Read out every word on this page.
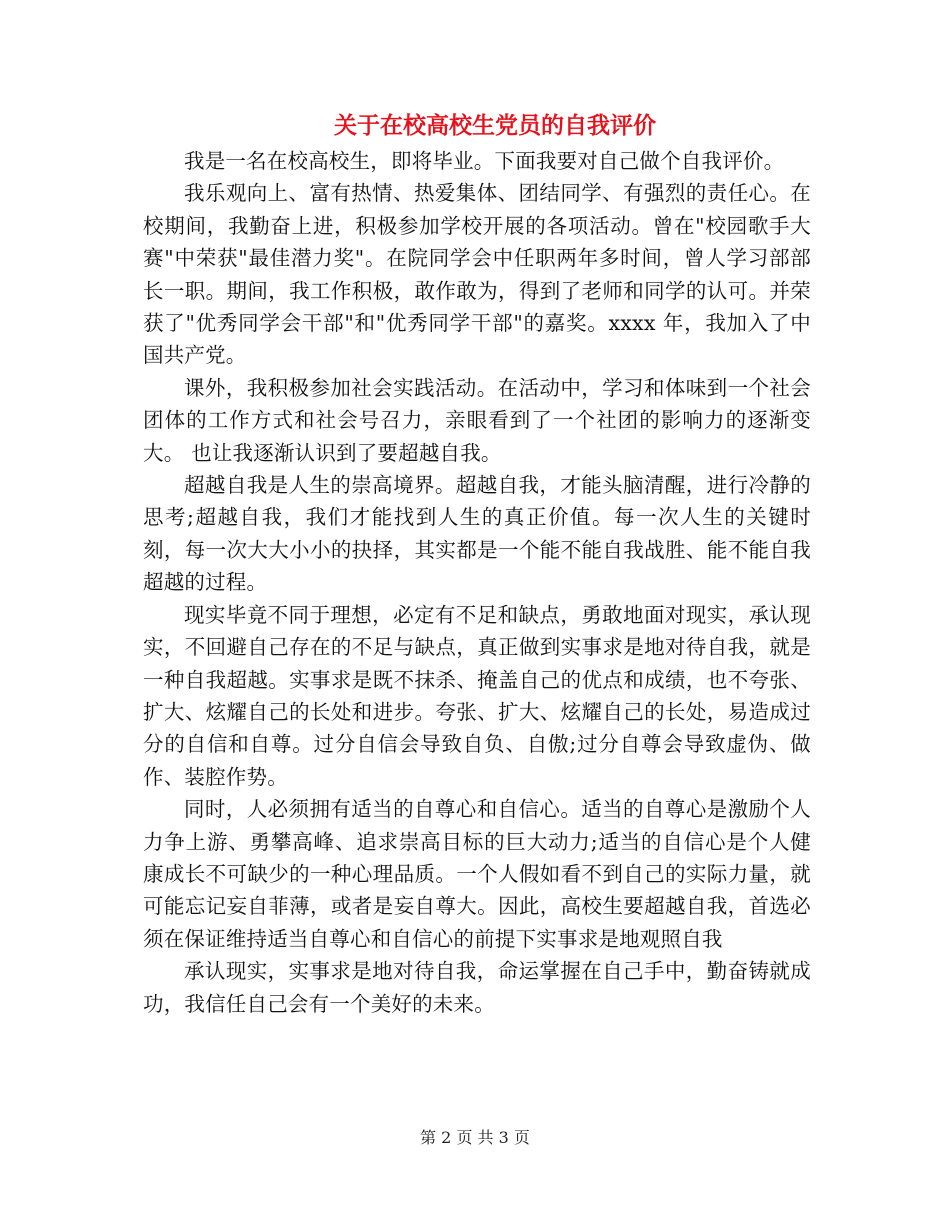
关于在校高校生党员的自我评价

我是一名在校高校生，即将毕业。下面我要对自己做个自我评价。

我乐观向上、富有热情、热爱集体、团结同学、有强烈的责任心。在校期间，我勤奋上进，积极参加学校开展的各项活动。曾在"校园歌手大赛"中荣获"最佳潜力奖"。在院同学会中任职两年多时间，曾人学习部部长一职。期间，我工作积极，敢作敢为，得到了老师和同学的认可。并荣获了"优秀同学会干部"和"优秀同学干部"的嘉奖。xxxx 年，我加入了中国共产党。

课外，我积极参加社会实践活动。在活动中，学习和体味到一个社会团体的工作方式和社会号召力，亲眼看到了一个社团的影响力的逐渐变大。 也让我逐渐认识到了要超越自我。

超越自我是人生的崇高境界。超越自我，才能头脑清醒，进行冷静的思考;超越自我，我们才能找到人生的真正价值。每一次人生的关键时刻，每一次大大小小的抉择，其实都是一个能不能自我战胜、能不能自我超越的过程。

现实毕竟不同于理想，必定有不足和缺点，勇敢地面对现实，承认现实，不回避自己存在的不足与缺点，真正做到实事求是地对待自我，就是一种自我超越。实事求是既不抹杀、掩盖自己的优点和成绩，也不夸张、扩大、炫耀自己的长处和进步。夸张、扩大、炫耀自己的长处，易造成过分的自信和自尊。过分自信会导致自负、自傲;过分自尊会导致虚伪、做作、装腔作势。

同时，人必须拥有适当的自尊心和自信心。适当的自尊心是激励个人力争上游、勇攀高峰、追求崇高目标的巨大动力;适当的自信心是个人健康成长不可缺少的一种心理品质。一个人假如看不到自己的实际力量，就可能忘记妄自菲薄，或者是妄自尊大。因此，高校生要超越自我，首选必须在保证维持适当自尊心和自信心的前提下实事求是地观照自我

承认现实，实事求是地对待自我，命运掌握在自己手中，勤奋铸就成功，我信任自己会有一个美好的未来。

第 2 页 共 3 页
